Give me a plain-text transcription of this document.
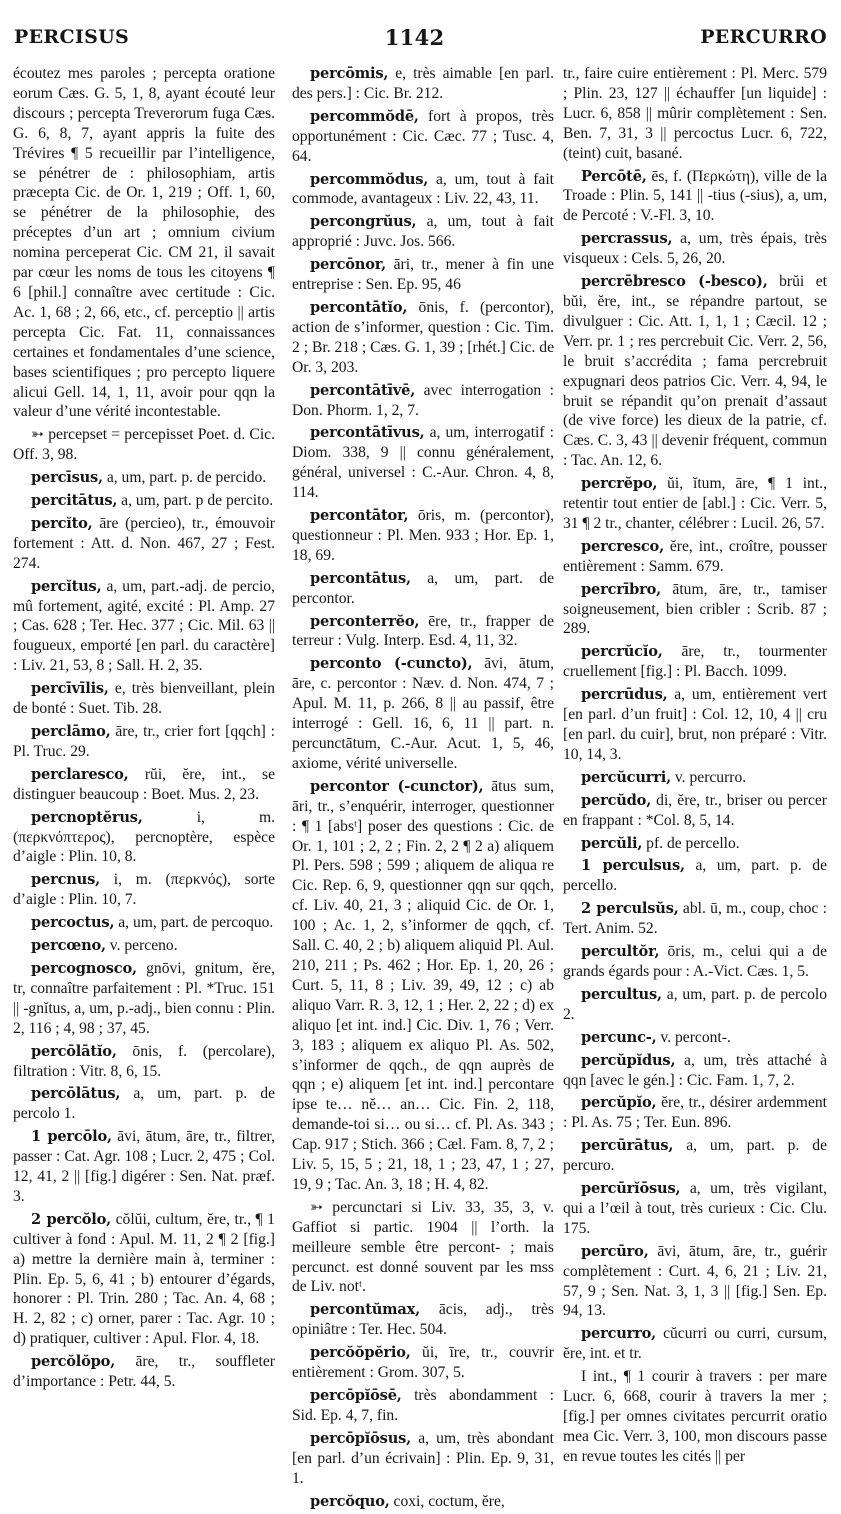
PERCISUS	1142	PERCURRO

écoutez mes paroles ; percepta oratione eorum Cæs. G. 5, 1, 8, ayant écouté leur discours ; percepta Treverorum fuga Cæs. G. 6, 8, 7, ayant appris la fuite des Trévires ¶ 5 recueillir par l’intelligence, se pénétrer de : philosophiam, artis præcepta Cic. de Or. 1, 219 ; Off. 1, 60, se pénétrer de la philosophie, des préceptes d’un art ; omnium civium nomina perceperat Cic. CM 21, il savait par cœur les noms de tous les citoyens ¶ 6 [phil.] connaître avec certitude : Cic. Ac. 1, 68 ; 2, 66, etc., cf. perceptio || artis percepta Cic. Fat. 11, connaissances certaines et fondamentales d’une science, bases scientifiques ; pro percepto liquere alicui Gell. 14, 1, 11, avoir pour qqn la valeur d’une vérité incontestable.

➳ percepset = percepisset Poet. d. Cic. Off. 3, 98.

percīsus, a, um, part. p. de percido.

percitātus, a, um, part. p de percito.

percĭto, āre (percieo), tr., émouvoir fortement : Att. d. Non. 467, 27 ; Fest. 274.

percĭtus, a, um, part.-adj. de percio, mû fortement, agité, excité : Pl. Amp. 27 ; Cas. 628 ; Ter. Hec. 377 ; Cic. Mil. 63 || fougueux, emporté [en parl. du caractère] : Liv. 21, 53, 8 ; Sall. H. 2, 35.

percīvīlis, e, très bienveillant, plein de bonté : Suet. Tib. 28.

perclāmo, āre, tr., crier fort [qqch] : Pl. Truc. 29.

perclaresco, rŭi, ĕre, int., se distinguer beaucoup : Boet. Mus. 2, 23.

percnoptĕrus,	i, m. (περκνόπτερος), percnoptère, espèce d’aigle : Plin. 10, 8.

percnus, i, m. (περκνός), sorte d’aigle : Plin. 10, 7.

percoctus, a, um, part. de percoquo.

percœno, v. perceno.

percognosco, gnōvi, gnitum, ĕre, tr, connaître parfaitement : Pl. *Truc. 151 || -gnĭtus, a, um, p.-adj., bien connu : Plin. 2, 116 ; 4, 98 ; 37, 45.

percōlātĭo, ōnis, f. (percolare), filtration : Vitr. 8, 6, 15.

percōlātus, a, um, part. p. de percolo 1.

1 percōlo, āvi, ātum, āre, tr., filtrer, passer : Cat. Agr. 108 ; Lucr. 2, 475 ; Col. 12, 41, 2 || [fig.] digérer : Sen. Nat. præf. 3.

2 percŏlo, cŏlŭi, cultum, ĕre, tr., ¶ 1 cultiver à fond : Apul. M. 11, 2 ¶ 2 [fig.] a) mettre la dernière main à, terminer : Plin. Ep. 5, 6, 41 ; b) entourer d’égards, honorer : Pl. Trin. 280 ; Tac. An. 4, 68 ; H. 2, 82 ; c) orner, parer : Tac. Agr. 10 ; d) pratiquer, cultiver : Apul. Flor. 4, 18.

percŏlŏpo, āre, tr., souffleter d’importance : Petr. 44, 5.

percōmis, e, très aimable [en parl. des pers.] : Cic. Br. 212.

percommŏdē, fort à propos, très opportunément : Cic. Cæc. 77 ; Tusc. 4, 64.

percommŏdus, a, um, tout à fait commode, avantageux : Liv. 22, 43, 11.

percongrŭus, a, um, tout à fait approprié : Juvc. Jos. 566.

percōnor, āri, tr., mener à fin une entreprise : Sen. Ep. 95, 46

percontātĭo, ōnis, f. (percontor), action de s’informer, question : Cic. Tim. 2 ; Br. 218 ; Cæs. G. 1, 39 ; [rhét.] Cic. de Or. 3, 203.

percontātīvē, avec interrogation : Don. Phorm. 1, 2, 7.

percontātīvus, a, um, interrogatif : Diom. 338, 9 || connu généralement, général, universel : C.-Aur. Chron. 4, 8, 114.

percontātor, ōris, m. (percontor), questionneur : Pl. Men. 933 ; Hor. Ep. 1, 18, 69.

percontātus, a, um, part. de percontor.

perconterrĕo, ēre, tr., frapper de terreur : Vulg. Interp. Esd. 4, 11, 32.

perconto (-cuncto), āvi, ātum, āre, c. percontor : Næv. d. Non. 474, 7 ; Apul. M. 11, p. 266, 8 || au passif, être interrogé : Gell. 16, 6, 11 || part. n. percunctātum, C.-Aur. Acut. 1, 5, 46, axiome, vérité universelle.

percontor (-cunctor), ātus sum, āri, tr., s’enquérir, interroger, questionner : ¶ 1 [absᵗ] poser des questions : Cic. de Or. 1, 101 ; 2, 2 ; Fin. 2, 2 ¶ 2 a) aliquem Pl. Pers. 598 ; 599 ; aliquem de aliqua re Cic. Rep. 6, 9, questionner qqn sur qqch, cf. Liv. 40, 21, 3 ; aliquid Cic. de Or. 1, 100 ; Ac. 1, 2, s’informer de qqch, cf. Sall. C. 40, 2 ; b) aliquem aliquid Pl. Aul. 210, 211 ; Ps. 462 ; Hor. Ep. 1, 20, 26 ; Curt. 5, 11, 8 ; Liv. 39, 49, 12 ; c) ab aliquo Varr. R. 3, 12, 1 ; Her. 2, 22 ; d) ex aliquo [et int. ind.] Cic. Div. 1, 76 ; Verr. 3, 183 ; aliquem ex aliquo Pl. As. 502, s’informer de qqch., de qqn auprès de qqn ; e) aliquem [et int. ind.] percontare ipse te… nĕ… an… Cic. Fin. 2, 118, demande-toi si… ou si… cf. Pl. As. 343 ; Cap. 917 ; Stich. 366 ; Cæl. Fam. 8, 7, 2 ; Liv. 5, 15, 5 ; 21, 18, 1 ; 23, 47, 1 ; 27, 19, 9 ; Tac. An. 3, 18 ; H. 4, 82.

➳ percunctari si Liv. 33, 35, 3, v. Gaffiot si partic. 1904 || l’orth. la meilleure semble être percont- ; mais percunct. est donné souvent par les mss de Liv. notᵗ.

percontŭmax, ācis, adj., très opiniâtre : Ter. Hec. 504.

percŏŏpĕrio, ŭi, īre, tr., couvrir entièrement : Grom. 307, 5.

percōpĭōsē, très abondamment : Sid. Ep. 4, 7, fin.

percōpĭōsus, a, um, très abondant [en parl. d’un écrivain] : Plin. Ep. 9, 31, 1.

percŏquo, coxi, coctum, ĕre,

tr., faire cuire entièrement : Pl. Merc. 579 ; Plin. 23, 127 || échauffer [un liquide] : Lucr. 6, 858 || mûrir complètement : Sen. Ben. 7, 31, 3 || percoctus Lucr. 6, 722, (teint) cuit, basané.

Percōtē, ēs, f. (Περκώτη), ville de la Troade : Plin. 5, 141 || -tius (-sius), a, um, de Percoté : V.-Fl. 3, 10.

percrassus, a, um, très épais, très visqueux : Cels. 5, 26, 20.

percrēbresco (-besco), brŭi et bŭi, ĕre, int., se répandre partout, se divulguer : Cic. Att. 1, 1, 1 ; Cæcil. 12 ; Verr. pr. 1 ; res percrebuit Cic. Verr. 2, 56, le bruit s’accrédita ; fama percrebruit expugnari deos patrios Cic. Verr. 4, 94, le bruit se répandit qu’on prenait d’assaut (de vive force) les dieux de la patrie, cf. Cæs. C. 3, 43 || devenir fréquent, commun : Tac. An. 12, 6.

percrĕpo, ŭi, ĭtum, āre, ¶ 1 int., retentir tout entier de [abl.] : Cic. Verr. 5, 31 ¶ 2 tr., chanter, célébrer : Lucil. 26, 57.

percresco, ĕre, int., croître, pousser entièrement : Samm. 679.

percrībro, ātum, āre, tr., tamiser soigneusement, bien cribler : Scrib. 87 ; 289.

percrŭcĭo, āre, tr., tourmenter cruellement [fig.] : Pl. Bacch. 1099.

percrūdus, a, um, entièrement vert [en parl. d’un fruit] : Col. 12, 10, 4 || cru [en parl. du cuir], brut, non préparé : Vitr. 10, 14, 3.

percŭcurri, v. percurro.

percŭdo, di, ĕre, tr., briser ou percer en frappant : *Col. 8, 5, 14.

percŭli, pf. de percello.

1 perculsus, a, um, part. p. de percello.

2 perculsŭs, abl. ū, m., coup, choc : Tert. Anim. 52.

percultŏr, ōris, m., celui qui a de grands égards pour : A.-Vict. Cæs. 1, 5.

percultus, a, um, part. p. de percolo 2.

percunc-, v. percont-.

percŭpĭdus, a, um, très attaché à qqn [avec le gén.] : Cic. Fam. 1, 7, 2.

percŭpĭo, ĕre, tr., désirer ardemment : Pl. As. 75 ; Ter. Eun. 896.

percūrātus, a, um, part. p. de percuro.

percūrĭōsus, a, um, très vigilant, qui a l’œil à tout, très curieux : Cic. Clu. 175.

percūro, āvi, ātum, āre, tr., guérir complètement : Curt. 4, 6, 21 ; Liv. 21, 57, 9 ; Sen. Nat. 3, 1, 3 || [fig.] Sen. Ep. 94, 13.

percurro, cŭcurri ou curri, cursum, ĕre, int. et tr.

I int., ¶ 1 courir à travers : per mare Lucr. 6, 668, courir à travers la mer ; [fig.] per omnes civitates percurrit oratio mea Cic. Verr. 3, 100, mon discours passe en revue toutes les cités || per
